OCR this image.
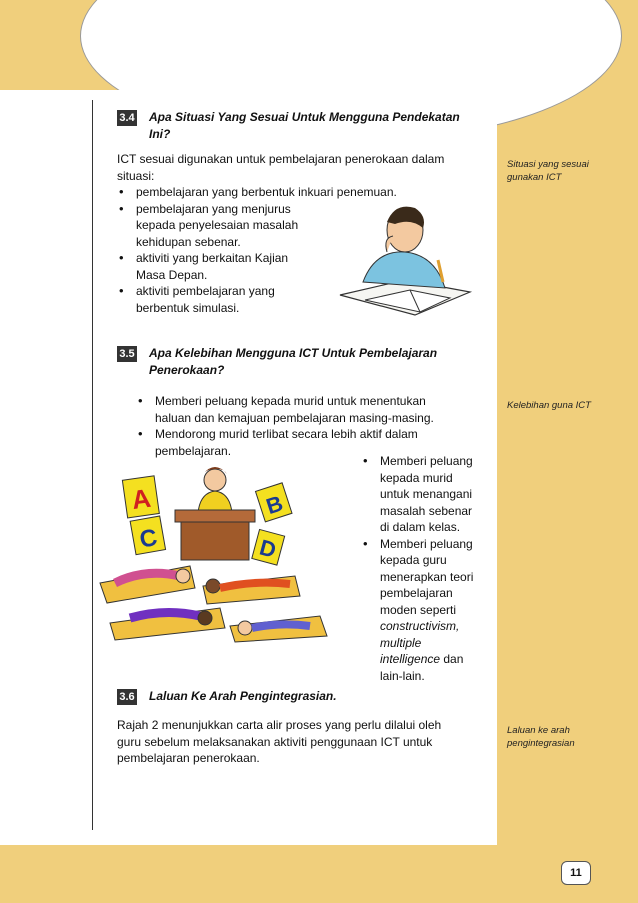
3.4 Apa Situasi Yang Sesuai Untuk Mengguna Pendekatan
Ini?
ICT sesuai digunakan untuk pembelajaran penerokaan dalam
situasi:
• pembelajaran yang berbentuk inkuari penemuan.
• pembelajaran yang menjurus
kepada penyelesaian masalah
kehidupan sebenar.
• aktiviti yang berkaitan Kajian
Masa Depan.
• aktiviti pembelajaran yang
berbentuk simulasi.
Situasi yang sesuai
gunakan ICT
3.5 Apa Kelebihan Mengguna ICT Untuk Pembelajaran
Penerokaan?
• Memberi peluang kepada murid untuk menentukan
haluan dan kemajuan pembelajaran masing-masing.
• Mendorong murid terlibat secara lebih aktif dalam
pembelajaran.
• Memberi peluang
kepada murid
untuk menangani
masalah sebenar
di dalam kelas.
• Memberi peluang
kepada guru
menerapkan teori
pembelajaran
moden seperti
constructivism,
multiple
intelligence dan
lain-lain.
A	B
C	D
Kelebihan guna ICT
3.6 Laluan Ke Arah Pengintegrasian.
Rajah 2 menunjukkan carta alir proses yang perlu dilalui oleh
guru sebelum melaksanakan aktiviti penggunaan ICT untuk
pembelajaran penerokaan.
Laluan ke arah
pengintegrasian
11
